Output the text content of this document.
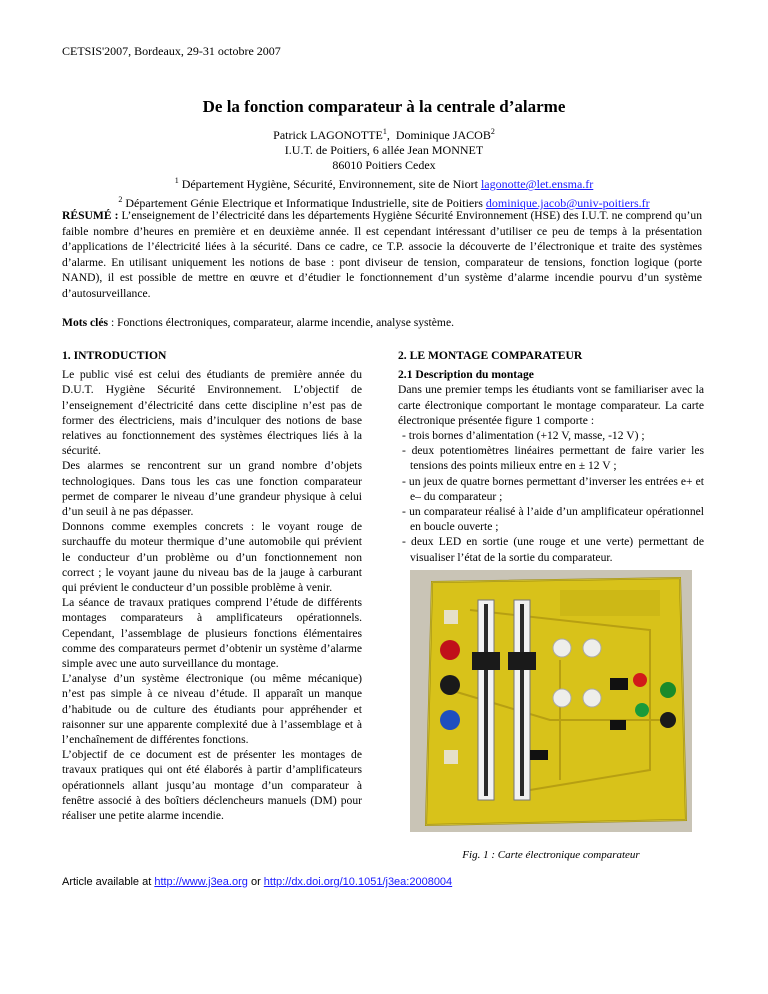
CETSIS'2007, Bordeaux, 29-31 octobre 2007
De la fonction comparateur à la centrale d’alarme
Patrick LAGONOTTE$^1$,  Dominique JACOB$^2$
I.U.T. de Poitiers, 6 allée Jean MONNET
86010 Poitiers Cedex
$^1$ Département Hygiène, Sécurité, Environnement, site de Niort lagonotte@let.ensma.fr
$^2$ Département Génie Electrique et Informatique Industrielle, site de Poitiers dominique.jacob@univ-poitiers.fr
RÉSUMÉ : L’enseignement de l’électricité dans les départements Hygiène Sécurité Environnement (HSE) des I.U.T. ne comprend qu’un faible nombre d’heures en première et en deuxième année. Il est cependant intéressant d’utiliser ce peu de temps à la présentation d’applications de l’électricité liées à la sécurité. Dans ce cadre, ce T.P. associe la découverte de l’électronique et traite des systèmes d’alarme. En utilisant uniquement les notions de base : pont diviseur de tension, comparateur de tensions, fonction logique (porte NAND), il est possible de mettre en œuvre et d’étudier le fonctionnement d’un système d’alarme incendie pourvu d’un système d’autosurveillance.
Mots clés : Fonctions électroniques, comparateur, alarme incendie, analyse système.
1. INTRODUCTION

Le public visé est celui des étudiants de première année du D.U.T. Hygiène Sécurité Environnement. L’objectif de l’enseignement d’électricité dans cette discipline n’est pas de former des électriciens, mais d’inculquer des notions de base relatives au fonctionnement des systèmes électriques liés à la sécurité.

Des alarmes se rencontrent sur un grand nombre d’objets technologiques. Dans tous les cas une fonction comparateur permet de comparer le niveau d’une grandeur physique à celui d’un seuil à ne pas dépasser.

Donnons comme exemples concrets : le voyant rouge de surchauffe du moteur thermique d’une automobile qui prévient le conducteur d’un problème ou d’un fonctionnement non correct ; le voyant jaune du niveau bas de la jauge à carburant qui prévient le conducteur d’un possible problème à venir.

La séance de travaux pratiques comprend l’étude de différents montages comparateurs à amplificateurs opérationnels. Cependant, l’assemblage de plusieurs fonctions élémentaires comme des comparateurs permet d’obtenir un système d’alarme simple avec une auto surveillance du montage.

L’analyse d’un système électronique (ou même mécanique) n’est pas simple à ce niveau d’étude. Il apparaît un manque d’habitude ou de culture des étudiants pour appréhender et raisonner sur une apparente complexité due à l’assemblage et à l’enchaînement de différentes fonctions.

L’objectif de ce document est de présenter les montages de travaux pratiques qui ont été élaborés à partir d’amplificateurs opérationnels allant jusqu’au montage d’un comparateur à fenêtre associé à des boîtiers déclencheurs manuels (DM) pour réaliser une petite alarme incendie.

2. LE MONTAGE COMPARATEUR
2.1 Description du montage

Dans une premier temps les étudiants vont se familiariser avec la carte électronique comportant le montage comparateur. La carte électronique présentée figure 1 comporte :

- trois bornes d’alimentation (+12 V, masse, -12 V) ;
- deux potentiomètres linéaires permettant de faire varier les tensions des points milieux entre en ± 12 V ;
- un jeux de quatre bornes permettant d’inverser les entrées e+ et e– du comparateur ;
- un comparateur réalisé à l’aide d’un amplificateur opérationnel en boucle ouverte ;
- deux LED en sortie (une rouge et une verte) permettant de visualiser l’état de la sortie du comparateur.
Fig. 1 : Carte électronique comparateur
Article available at http://www.j3ea.org or http://dx.doi.org/10.1051/j3ea:2008004
